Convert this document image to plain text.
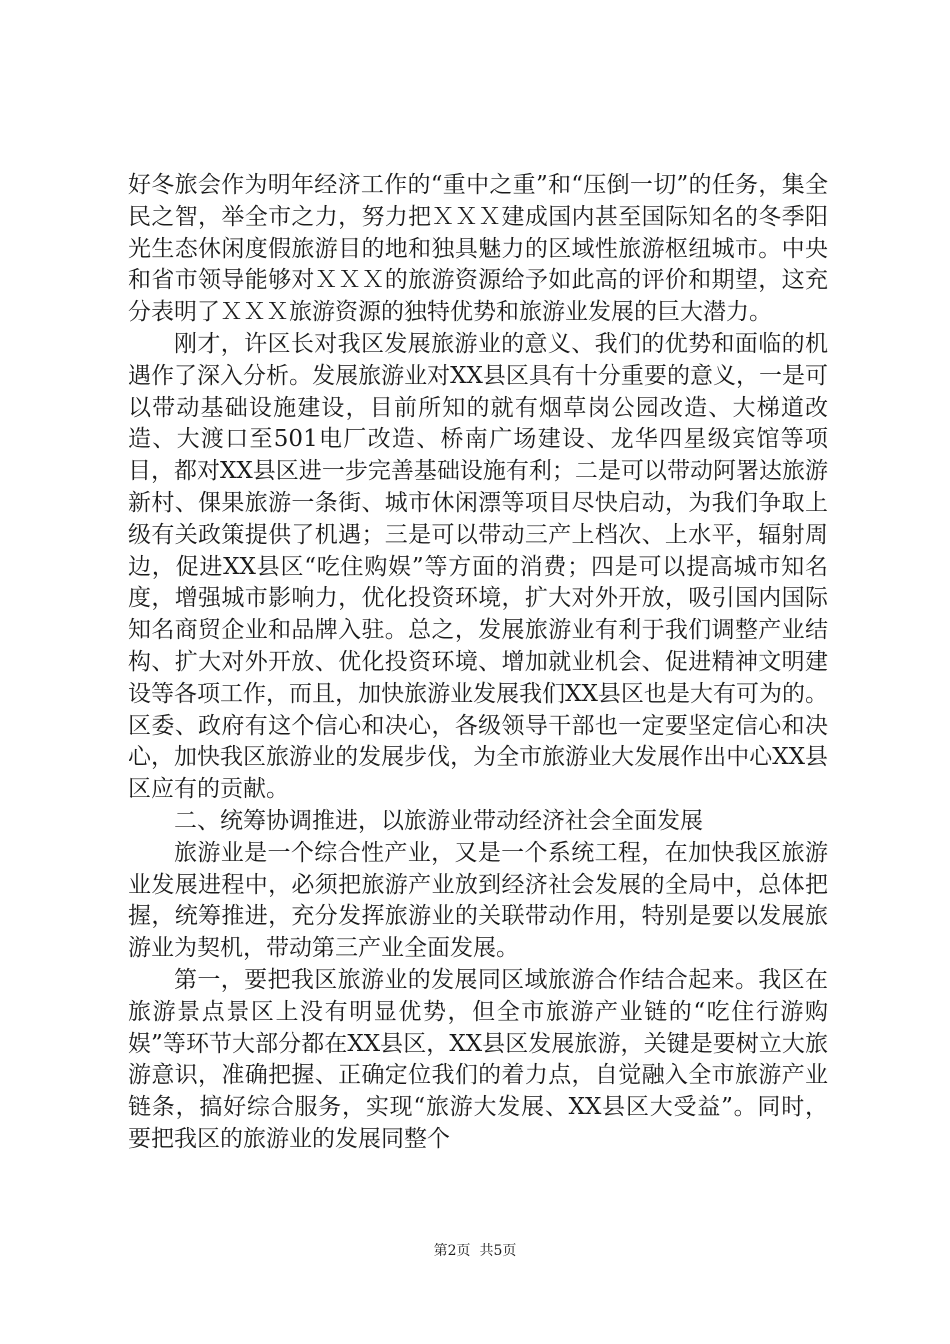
好冬旅会作为明年经济工作的“重中之重”和“压倒一切”的任务，集全民之智，举全市之力，努力把ＸＸＸ建成国内甚至国际知名的冬季阳光生态休闲度假旅游目的地和独具魅力的区域性旅游枢纽城市。中央和省市领导能够对ＸＸＸ的旅游资源给予如此高的评价和期望，这充分表明了ＸＸＸ旅游资源的独特优势和旅游业发展的巨大潜力。

刚才，许区长对我区发展旅游业的意义、我们的优势和面临的机遇作了深入分析。发展旅游业对XX县区具有十分重要的意义，一是可以带动基础设施建设，目前所知的就有烟草岗公园改造、大梯道改造、大渡口至501电厂改造、桥南广场建设、龙华四星级宾馆等项目，都对XX县区进一步完善基础设施有利；二是可以带动阿署达旅游新村、倮果旅游一条街、城市休闲漂等项目尽快启动，为我们争取上级有关政策提供了机遇；三是可以带动三产上档次、上水平，辐射周边，促进XX县区“吃住购娱”等方面的消费；四是可以提高城市知名度，增强城市影响力，优化投资环境，扩大对外开放，吸引国内国际知名商贸企业和品牌入驻。总之，发展旅游业有利于我们调整产业结构、扩大对外开放、优化投资环境、增加就业机会、促进精神文明建设等各项工作，而且，加快旅游业发展我们XX县区也是大有可为的。区委、政府有这个信心和决心，各级领导干部也一定要坚定信心和决心，加快我区旅游业的发展步伐，为全市旅游业大发展作出中心XX县区应有的贡献。

二、统筹协调推进，以旅游业带动经济社会全面发展

旅游业是一个综合性产业，又是一个系统工程，在加快我区旅游业发展进程中，必须把旅游产业放到经济社会发展的全局中，总体把握，统筹推进，充分发挥旅游业的关联带动作用，特别是要以发展旅游业为契机，带动第三产业全面发展。

第一，要把我区旅游业的发展同区域旅游合作结合起来。我区在旅游景点景区上没有明显优势，但全市旅游产业链的“吃住行游购娱”等环节大部分都在XX县区，XX县区发展旅游，关键是要树立大旅游意识，准确把握、正确定位我们的着力点，自觉融入全市旅游产业链条，搞好综合服务，实现“旅游大发展、XX县区大受益”。同时，要把我区的旅游业的发展同整个

第2页  共5页
